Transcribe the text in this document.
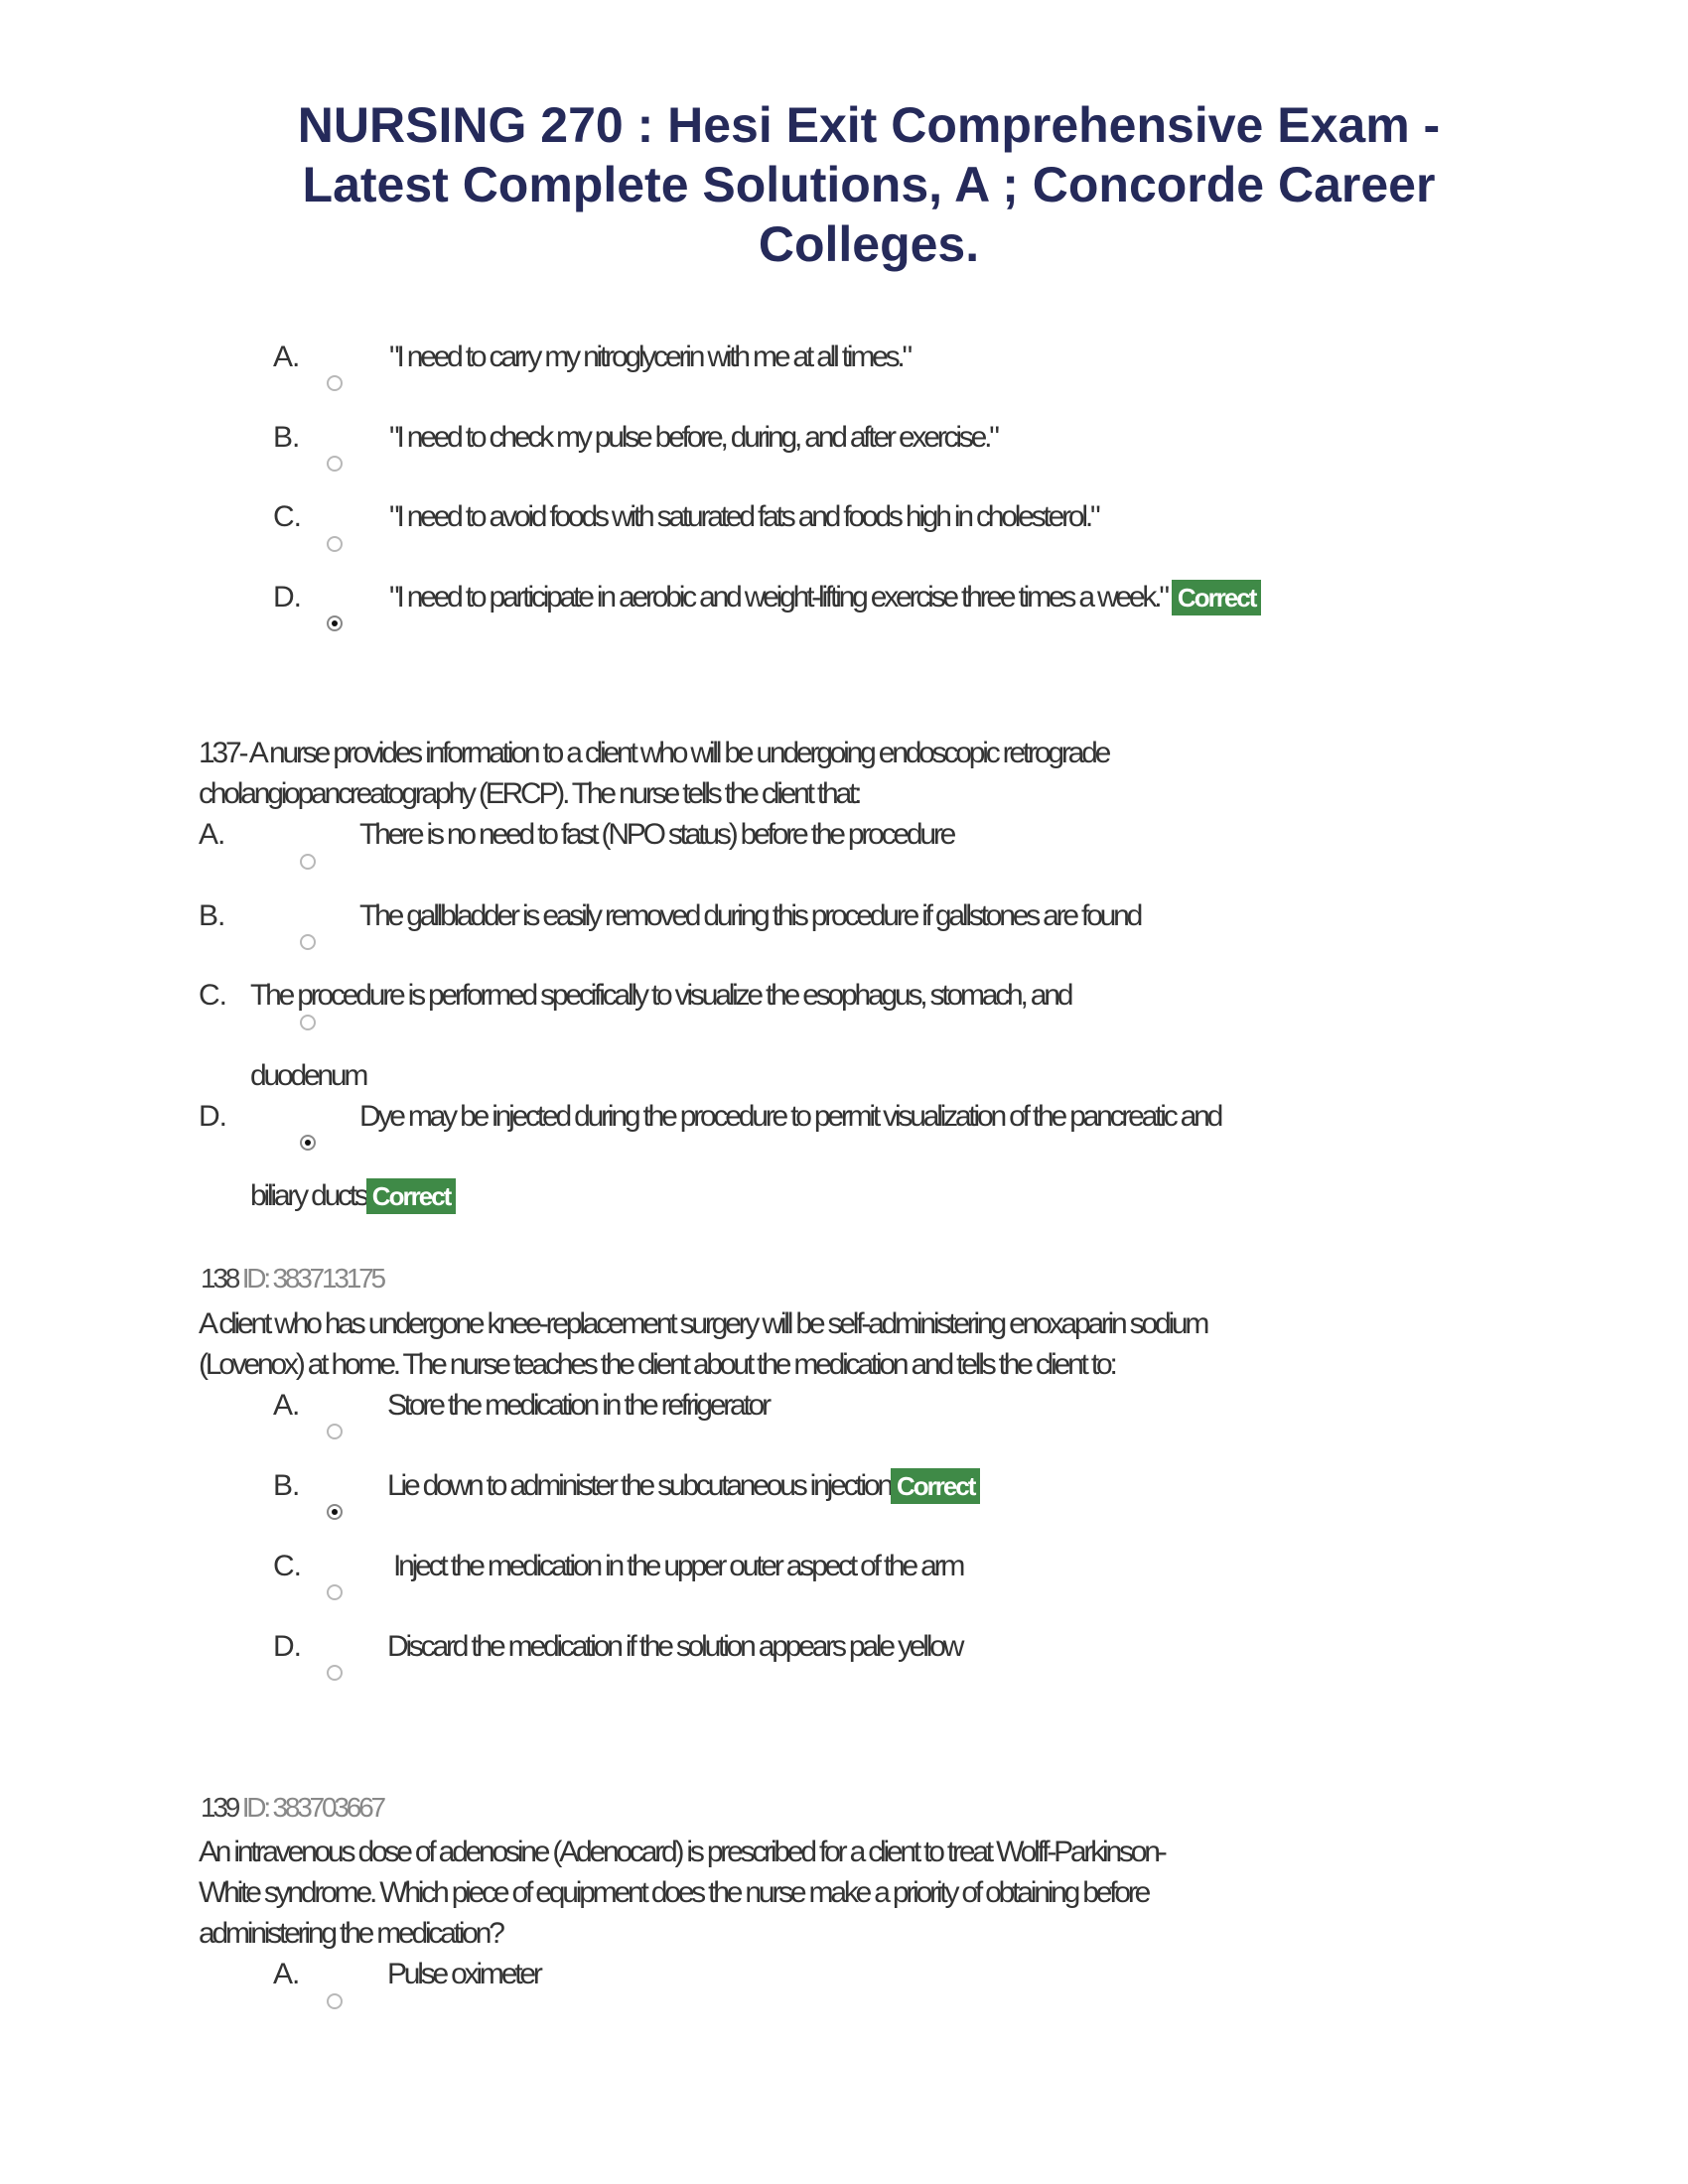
NURSING 270 : Hesi Exit Comprehensive Exam -
Latest Complete Solutions, A ; Concorde Career
Colleges.
A.	"I need to carry my nitroglycerin with me at all times."
B.	"I need to check my pulse before, during, and after exercise."
C.	"I need to avoid foods with saturated fats and foods high in cholesterol."
D.	"I need to participate in aerobic and weight-lifting exercise three times a week." Correct
137- A nurse provides information to a client who will be undergoing endoscopic retrograde
cholangiopancreatography (ERCP). The nurse tells the client that:
A.	There is no need to fast (NPO status) before the procedure
B.	The gallbladder is easily removed during this procedure if gallstones are found
C. The procedure is performed specifically to visualize the esophagus, stomach, and
duodenum
D.	Dye may be injected during the procedure to permit visualization of the pancreatic and
biliary ducts Correct
138 ID: 383713175
A client who has undergone knee-replacement surgery will be self-administering enoxaparin sodium
(Lovenox) at home. The nurse teaches the client about the medication and tells the client to:
A.	Store the medication in the refrigerator
B.	Lie down to administer the subcutaneous injection Correct
C.	Inject the medication in the upper outer aspect of the arm
D.	Discard the medication if the solution appears pale yellow
139 ID: 383703667
An intravenous dose of adenosine (Adenocard) is prescribed for a client to treat Wolff-Parkinson-
White syndrome. Which piece of equipment does the nurse make a priority of obtaining before
administering the medication?
A.	Pulse oximeter
